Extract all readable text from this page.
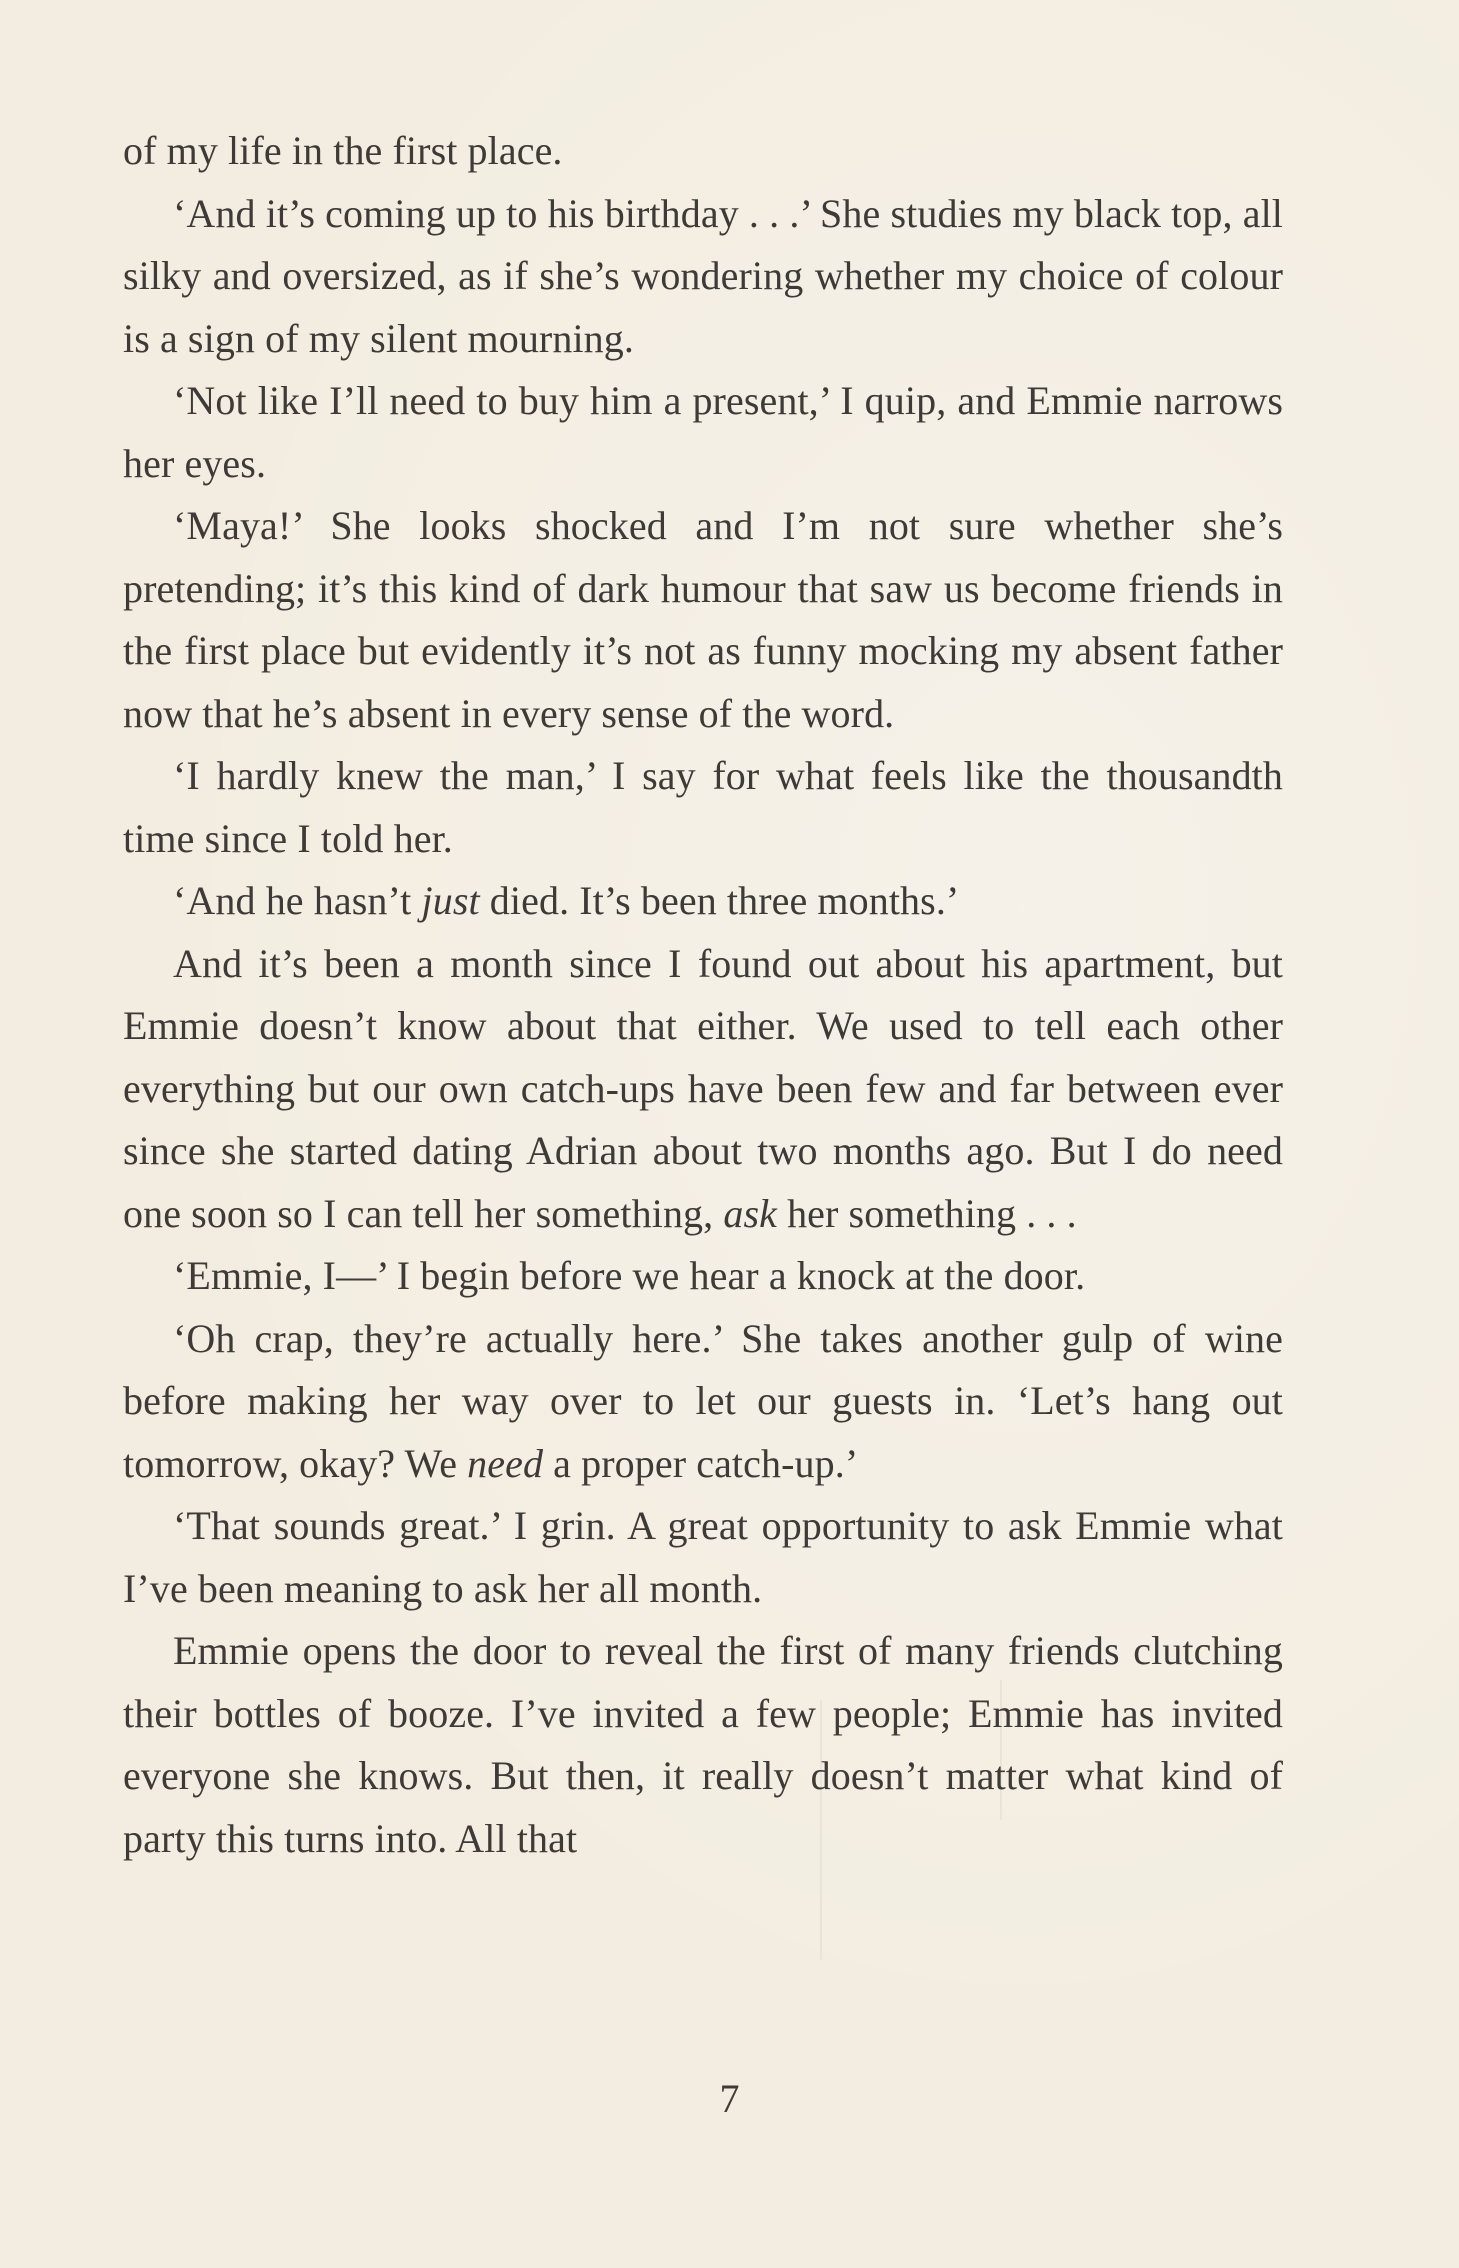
of my life in the first place.

‘And it’s coming up to his birthday . . .’ She studies my black top, all silky and oversized, as if she’s wondering whether my choice of colour is a sign of my silent mourning.

‘Not like I’ll need to buy him a present,’ I quip, and Emmie narrows her eyes.

‘Maya!’ She looks shocked and I’m not sure whether she’s pretending; it’s this kind of dark humour that saw us become friends in the first place but evidently it’s not as funny mocking my absent father now that he’s absent in every sense of the word.

‘I hardly knew the man,’ I say for what feels like the thousandth time since I told her.

‘And he hasn’t just died. It’s been three months.’

And it’s been a month since I found out about his apartment, but Emmie doesn’t know about that either. We used to tell each other everything but our own catch-ups have been few and far between ever since she started dating Adrian about two months ago. But I do need one soon so I can tell her something, ask her something . . .

‘Emmie, I—’ I begin before we hear a knock at the door.

‘Oh crap, they’re actually here.’ She takes another gulp of wine before making her way over to let our guests in. ‘Let’s hang out tomorrow, okay? We need a proper catch-up.’

‘That sounds great.’ I grin. A great opportunity to ask Emmie what I’ve been meaning to ask her all month.

Emmie opens the door to reveal the first of many friends clutching their bottles of booze. I’ve invited a few people; Emmie has invited everyone she knows. But then, it really doesn’t matter what kind of party this turns into. All that

7
